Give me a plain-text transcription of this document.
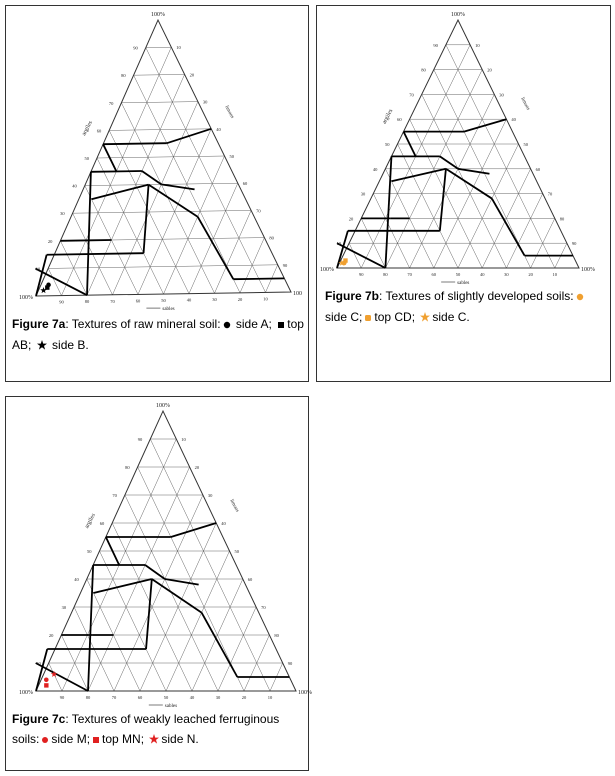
10
10
10
20
20
20
30
30
30
40
40
40
50	50
50
60
60
60
70
70
70
80
80
80
90
90
90
100%
100%
100
argiles
limons
sables
Figure 7a: Textures of raw mineral soil: side A; top AB;  side B.
10
10
10
20
20
20
30
30
30
40
40
40
50	50
50
60
60
60
70
70
70
80
80
80
90
90
90
100%
100%	100%
argiles
limons
sables
Figure 7b: Textures of slightly developed soils:side C; top CD; side C.
10
10
10
20
20
20
30
30
30
40
40
40
50	50
50
60
60
60
70
70
70
80
80
80
90
90
90
100%
100%	100%
argiles
limons
sables
Figure 7c: Textures of weakly leached ferruginous soils: side M; top MN; side N.
